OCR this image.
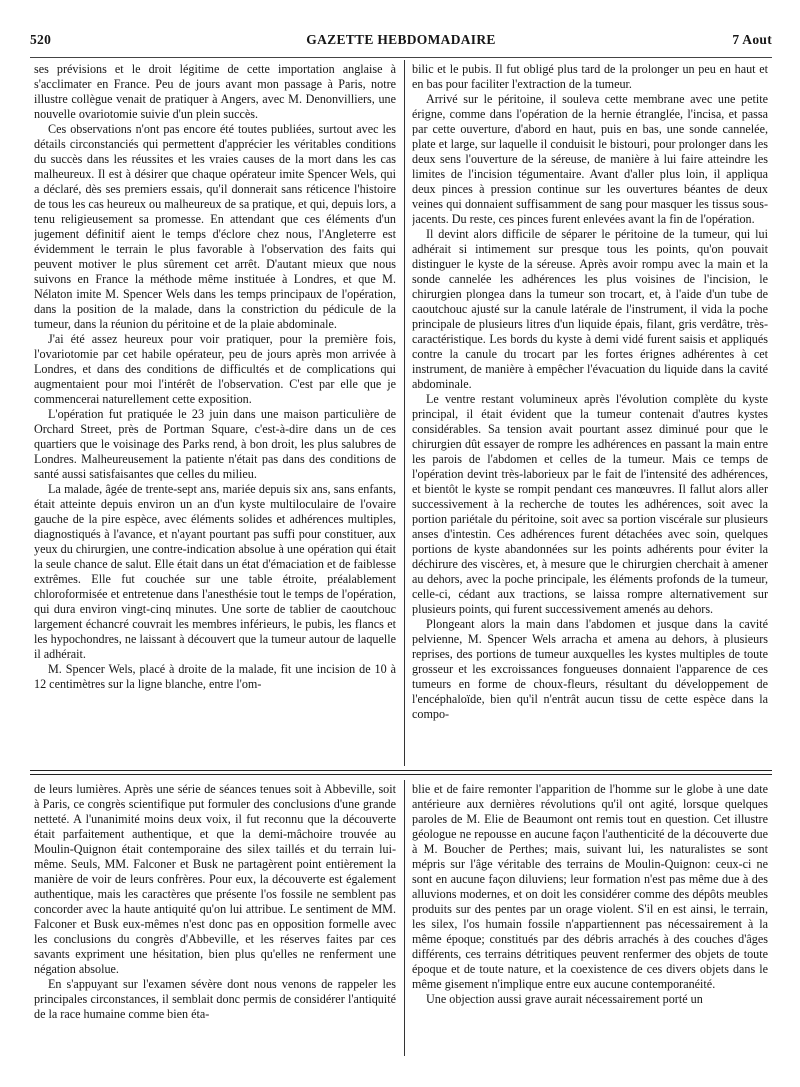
520	GAZETTE HEBDOMADAIRE	7 Aout

ses prévisions et le droit légitime de cette importation anglaise à s'acclimater en France. Peu de jours avant mon passage à Paris, notre illustre collègue venait de pratiquer à Angers, avec M. Denonvilliers, une nouvelle ovariotomie suivie d'un plein succès.

Ces observations n'ont pas encore été toutes publiées, surtout avec les détails circonstanciés qui permettent d'apprécier les véritables conditions du succès dans les réussites et les vraies causes de la mort dans les cas malheureux. Il est à désirer que chaque opérateur imite Spencer Wels, qui a déclaré, dès ses premiers essais, qu'il donnerait sans réticence l'histoire de tous les cas heureux ou malheureux de sa pratique, et qui, depuis lors, a tenu religieusement sa promesse. En attendant que ces éléments d'un jugement définitif aient le temps d'éclore chez nous, l'Angleterre est évidemment le terrain le plus favorable à l'observation des faits qui peuvent motiver le plus sûrement cet arrêt. D'autant mieux que nous suivons en France la méthode même instituée à Londres, et que M. Nélaton imite M. Spencer Wels dans les temps principaux de l'opération, dans la position de la malade, dans la constriction du pédicule de la tumeur, dans la réunion du péritoine et de la plaie abdominale.

J'ai été assez heureux pour voir pratiquer, pour la première fois, l'ovariotomie par cet habile opérateur, peu de jours après mon arrivée à Londres, et dans des conditions de difficultés et de complications qui augmentaient pour moi l'intérêt de l'observation. C'est par elle que je commencerai naturellement cette exposition.

L'opération fut pratiquée le 23 juin dans une maison particulière de Orchard Street, près de Portman Square, c'est-à-dire dans un de ces quartiers que le voisinage des Parks rend, à bon droit, les plus salubres de Londres. Malheureusement la patiente n'était pas dans des conditions de santé aussi satisfaisantes que celles du milieu.

La malade, âgée de trente-sept ans, mariée depuis six ans, sans enfants, était atteinte depuis environ un an d'un kyste multiloculaire de l'ovaire gauche de la pire espèce, avec éléments solides et adhérences multiples, diagnostiqués à l'avance, et n'ayant pourtant pas suffi pour constituer, aux yeux du chirurgien, une contre-indication absolue à une opération qui était la seule chance de salut. Elle était dans un état d'émaciation et de faiblesse extrêmes. Elle fut couchée sur une table étroite, préalablement chloroformisée et entretenue dans l'anesthésie tout le temps de l'opération, qui dura environ vingt-cinq minutes. Une sorte de tablier de caoutchouc largement échancré couvrait les membres inférieurs, le pubis, les flancs et les hypochondres, ne laissant à découvert que la tumeur autour de laquelle il adhérait.

M. Spencer Wels, placé à droite de la malade, fit une incision de 10 à 12 centimètres sur la ligne blanche, entre l'om-

bilic et le pubis. Il fut obligé plus tard de la prolonger un peu en haut et en bas pour faciliter l'extraction de la tumeur.

Arrivé sur le péritoine, il souleva cette membrane avec une petite érigne, comme dans l'opération de la hernie étranglée, l'incisa, et passa par cette ouverture, d'abord en haut, puis en bas, une sonde cannelée, plate et large, sur laquelle il conduisit le bistouri, pour prolonger dans les deux sens l'ouverture de la séreuse, de manière à lui faire atteindre les limites de l'incision tégumentaire. Avant d'aller plus loin, il appliqua deux pinces à pression continue sur les ouvertures béantes de deux veines qui donnaient suffisamment de sang pour masquer les tissus sous-jacents. Du reste, ces pinces furent enlevées avant la fin de l'opération.

Il devint alors difficile de séparer le péritoine de la tumeur, qui lui adhérait si intimement sur presque tous les points, qu'on pouvait distinguer le kyste de la séreuse. Après avoir rompu avec la main et la sonde cannelée les adhérences les plus voisines de l'incision, le chirurgien plongea dans la tumeur son trocart, et, à l'aide d'un tube de caoutchouc ajusté sur la canule latérale de l'instrument, il vida la poche principale de plusieurs litres d'un liquide épais, filant, gris verdâtre, très-caractéristique. Les bords du kyste à demi vidé furent saisis et appliqués contre la canule du trocart par les fortes érignes adhérentes à cet instrument, de manière à empêcher l'évacuation du liquide dans la cavité abdominale.

Le ventre restant volumineux après l'évolution complète du kyste principal, il était évident que la tumeur contenait d'autres kystes considérables. Sa tension avait pourtant assez diminué pour que le chirurgien dût essayer de rompre les adhérences en passant la main entre les parois de l'abdomen et celles de la tumeur. Mais ce temps de l'opération devint très-laborieux par le fait de l'intensité des adhérences, et bientôt le kyste se rompit pendant ces manœuvres. Il fallut alors aller successivement à la recherche de toutes les adhérences, soit avec la portion pariétale du péritoine, soit avec sa portion viscérale sur plusieurs anses d'intestin. Ces adhérences furent détachées avec soin, quelques portions de kyste abandonnées sur les points adhérents pour éviter la déchirure des viscères, et, à mesure que le chirurgien cherchait à amener au dehors, avec la poche principale, les éléments profonds de la tumeur, celle-ci, cédant aux tractions, se laissa rompre alternativement sur plusieurs points, qui furent successivement amenés au dehors.

Plongeant alors la main dans l'abdomen et jusque dans la cavité pelvienne, M. Spencer Wels arracha et amena au dehors, à plusieurs reprises, des portions de tumeur auxquelles les kystes multiples de toute grosseur et les excroissances fongueuses donnaient l'apparence de ces tumeurs en forme de choux-fleurs, résultant du développement de l'encéphaloïde, bien qu'il n'entrât aucun tissu de cette espèce dans la compo-

de leurs lumières. Après une série de séances tenues soit à Abbeville, soit à Paris, ce congrès scientifique put formuler des conclusions d'une grande netteté. A l'unanimité moins deux voix, il fut reconnu que la découverte était parfaitement authentique, et que la demi-mâchoire trouvée au Moulin-Quignon était contemporaine des silex taillés et du terrain lui-même. Seuls, MM. Falconer et Busk ne partagèrent point entièrement la manière de voir de leurs confrères. Pour eux, la découverte est également authentique, mais les caractères que présente l'os fossile ne semblent pas concorder avec la haute antiquité qu'on lui attribue. Le sentiment de MM. Falconer et Busk eux-mêmes n'est donc pas en opposition formelle avec les conclusions du congrès d'Abbeville, et les réserves faites par ces savants expriment une hésitation, bien plus qu'elles ne renferment une négation absolue.

En s'appuyant sur l'examen sévère dont nous venons de rappeler les principales circonstances, il semblait donc permis de considérer l'antiquité de la race humaine comme bien éta-

blie et de faire remonter l'apparition de l'homme sur le globe à une date antérieure aux dernières révolutions qu'il ont agité, lorsque quelques paroles de M. Elie de Beaumont ont remis tout en question. Cet illustre géologue ne repousse en aucune façon l'authenticité de la découverte due à M. Boucher de Perthes; mais, suivant lui, les naturalistes se sont mépris sur l'âge véritable des terrains de Moulin-Quignon: ceux-ci ne sont en aucune façon diluviens; leur formation n'est pas même due à des alluvions modernes, et on doit les considérer comme des dépôts meubles produits sur des pentes par un orage violent. S'il en est ainsi, le terrain, les silex, l'os humain fossile n'appartiennent pas nécessairement à la même époque; constitués par des débris arrachés à des couches d'âges différents, ces terrains détritiques peuvent renfermer des objets de toute époque et de toute nature, et la coexistence de ces divers objets dans le même gisement n'implique entre eux aucune contemporanéité.

Une objection aussi grave aurait nécessairement porté un
